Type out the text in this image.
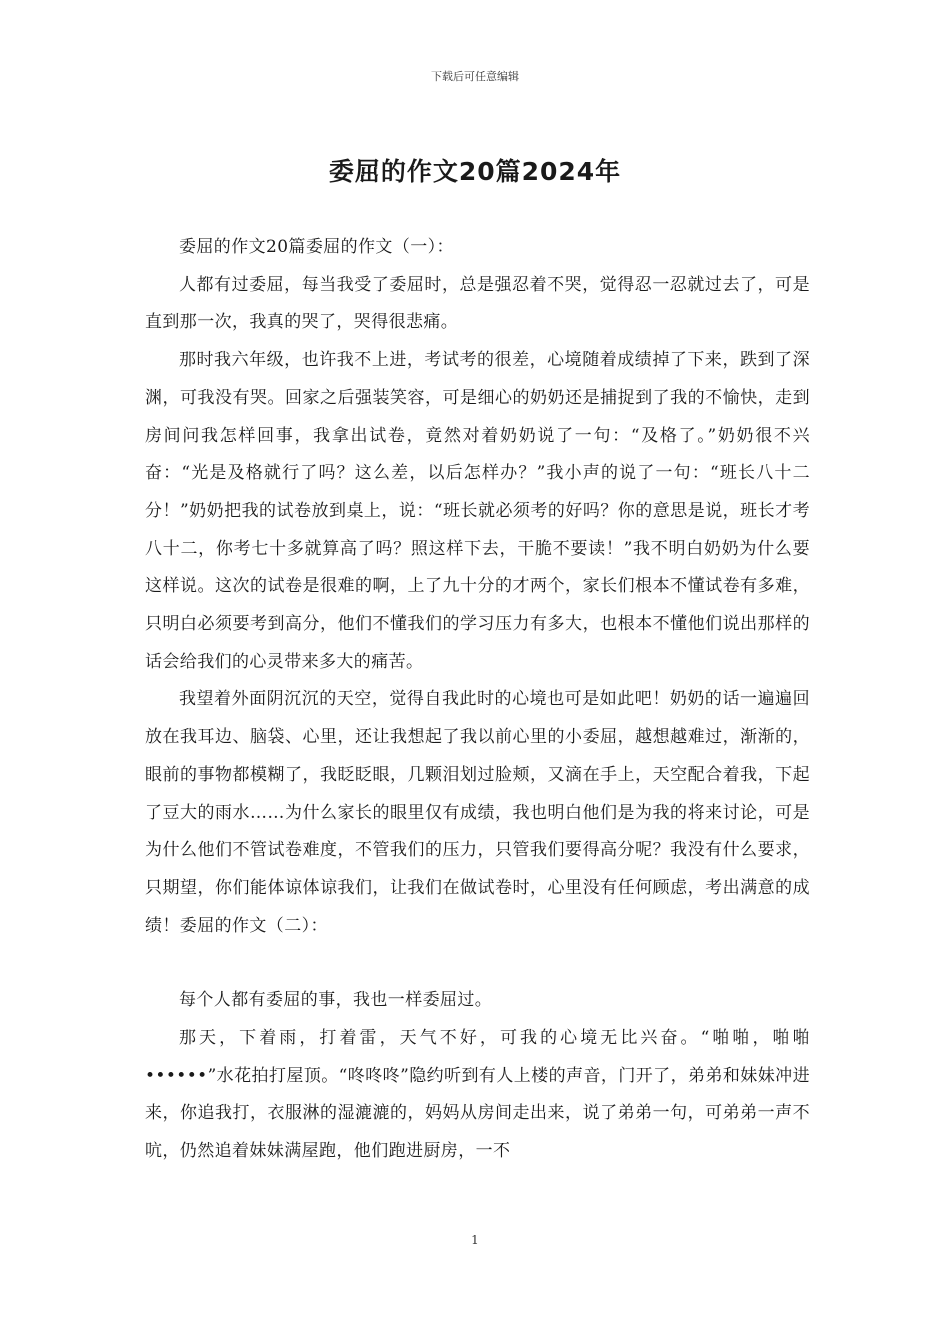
下载后可任意编辑
委屈的作文20篇2024年

委屈的作文20篇委屈的作文（一）：

人都有过委屈，每当我受了委屈时，总是强忍着不哭，觉得忍一忍就过去了，可是直到那一次，我真的哭了，哭得很悲痛。

那时我六年级，也许我不上进，考试考的很差，心境随着成绩掉了下来，跌到了深渊，可我没有哭。回家之后强装笑容，可是细心的奶奶还是捕捉到了我的不愉快，走到房间问我怎样回事，我拿出试卷，竟然对着奶奶说了一句：“及格了。”奶奶很不兴奋：“光是及格就行了吗？这么差，以后怎样办？”我小声的说了一句：“班长八十二分！”奶奶把我的试卷放到桌上，说：“班长就必须考的好吗？你的意思是说，班长才考八十二，你考七十多就算高了吗？照这样下去，干脆不要读！”我不明白奶奶为什么要这样说。这次的试卷是很难的啊，上了九十分的才两个，家长们根本不懂试卷有多难，只明白必须要考到高分，他们不懂我们的学习压力有多大，也根本不懂他们说出那样的话会给我们的心灵带来多大的痛苦。

我望着外面阴沉沉的天空，觉得自我此时的心境也可是如此吧！奶奶的话一遍遍回放在我耳边、脑袋、心里，还让我想起了我以前心里的小委屈，越想越难过，渐渐的，眼前的事物都模糊了，我眨眨眼，几颗泪划过脸颊，又滴在手上，天空配合着我，下起了豆大的雨水……为什么家长的眼里仅有成绩，我也明白他们是为我的将来讨论，可是为什么他们不管试卷难度，不管我们的压力，只管我们要得高分呢？我没有什么要求，只期望，你们能体谅体谅我们，让我们在做试卷时，心里没有任何顾虑，考出满意的成绩！委屈的作文（二）：

每个人都有委屈的事，我也一样委屈过。

那天，下着雨，打着雷，天气不好，可我的心境无比兴奋。“啪啪，啪啪••••••”水花拍打屋顶。“咚咚咚”隐约听到有人上楼的声音，门开了，弟弟和妹妹冲进来，你追我打，衣服淋的湿漉漉的，妈妈从房间走出来，说了弟弟一句，可弟弟一声不吭，仍然追着妹妹满屋跑，他们跑进厨房，一不

1
